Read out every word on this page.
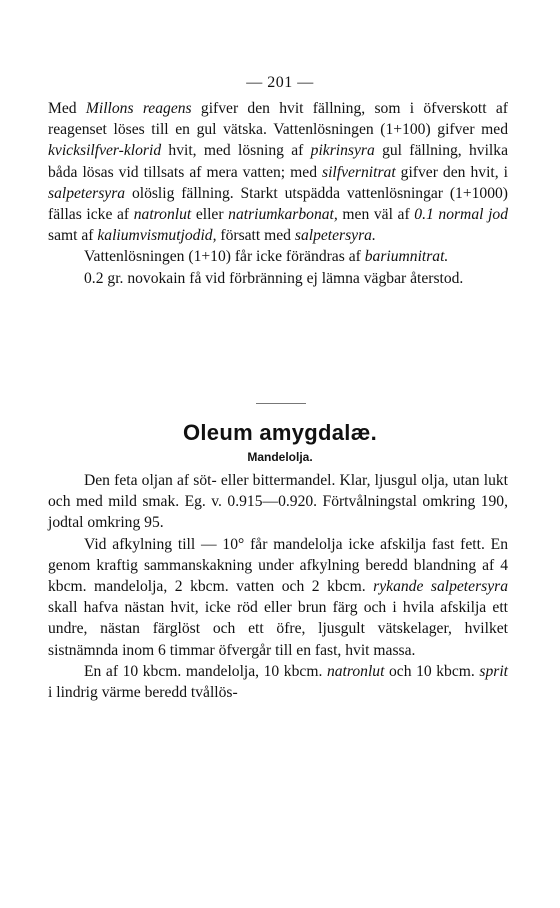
— 201 —

Med Millons reagens gifver den hvit fällning, som i öfverskott af reagenset löses till en gul vätska. Vattenlösningen (1+100) gifver med kvicksilfver-klorid hvit, med lösning af pikrinsyra gul fällning, hvilka båda lösas vid tillsats af mera vatten; med silfvernitrat gifver den hvit, i salpetersyra olöslig fällning. Starkt utspädda vattenlösningar (1+1000) fällas icke af natronlut eller natriumkarbonat, men väl af 0.1 normal jod samt af kaliumvismutjodid, försatt med salpetersyra.

Vattenlösningen (1+10) får icke förändras af bariumnitrat.

0.2 gr. novokain få vid förbränning ej lämna vägbar återstod.

Oleum amygdalæ.
Mandelolja.

Den feta oljan af söt- eller bittermandel. Klar, ljusgul olja, utan lukt och med mild smak. Eg. v. 0.915—0.920. Förtvålningstal omkring 190, jodtal omkring 95.

Vid afkylning till — 10° får mandelolja icke afskilja fast fett. En genom kraftig sammanskakning under afkylning beredd blandning af 4 kbcm. mandelolja, 2 kbcm. vatten och 2 kbcm. rykande salpetersyra skall hafva nästan hvit, icke röd eller brun färg och i hvila afskilja ett undre, nästan färglöst och ett öfre, ljusgult vätskelager, hvilket sistnämnda inom 6 timmar öfvergår till en fast, hvit massa.

En af 10 kbcm. mandelolja, 10 kbcm. natronlut och 10 kbcm. sprit i lindrig värme beredd tvållös-
